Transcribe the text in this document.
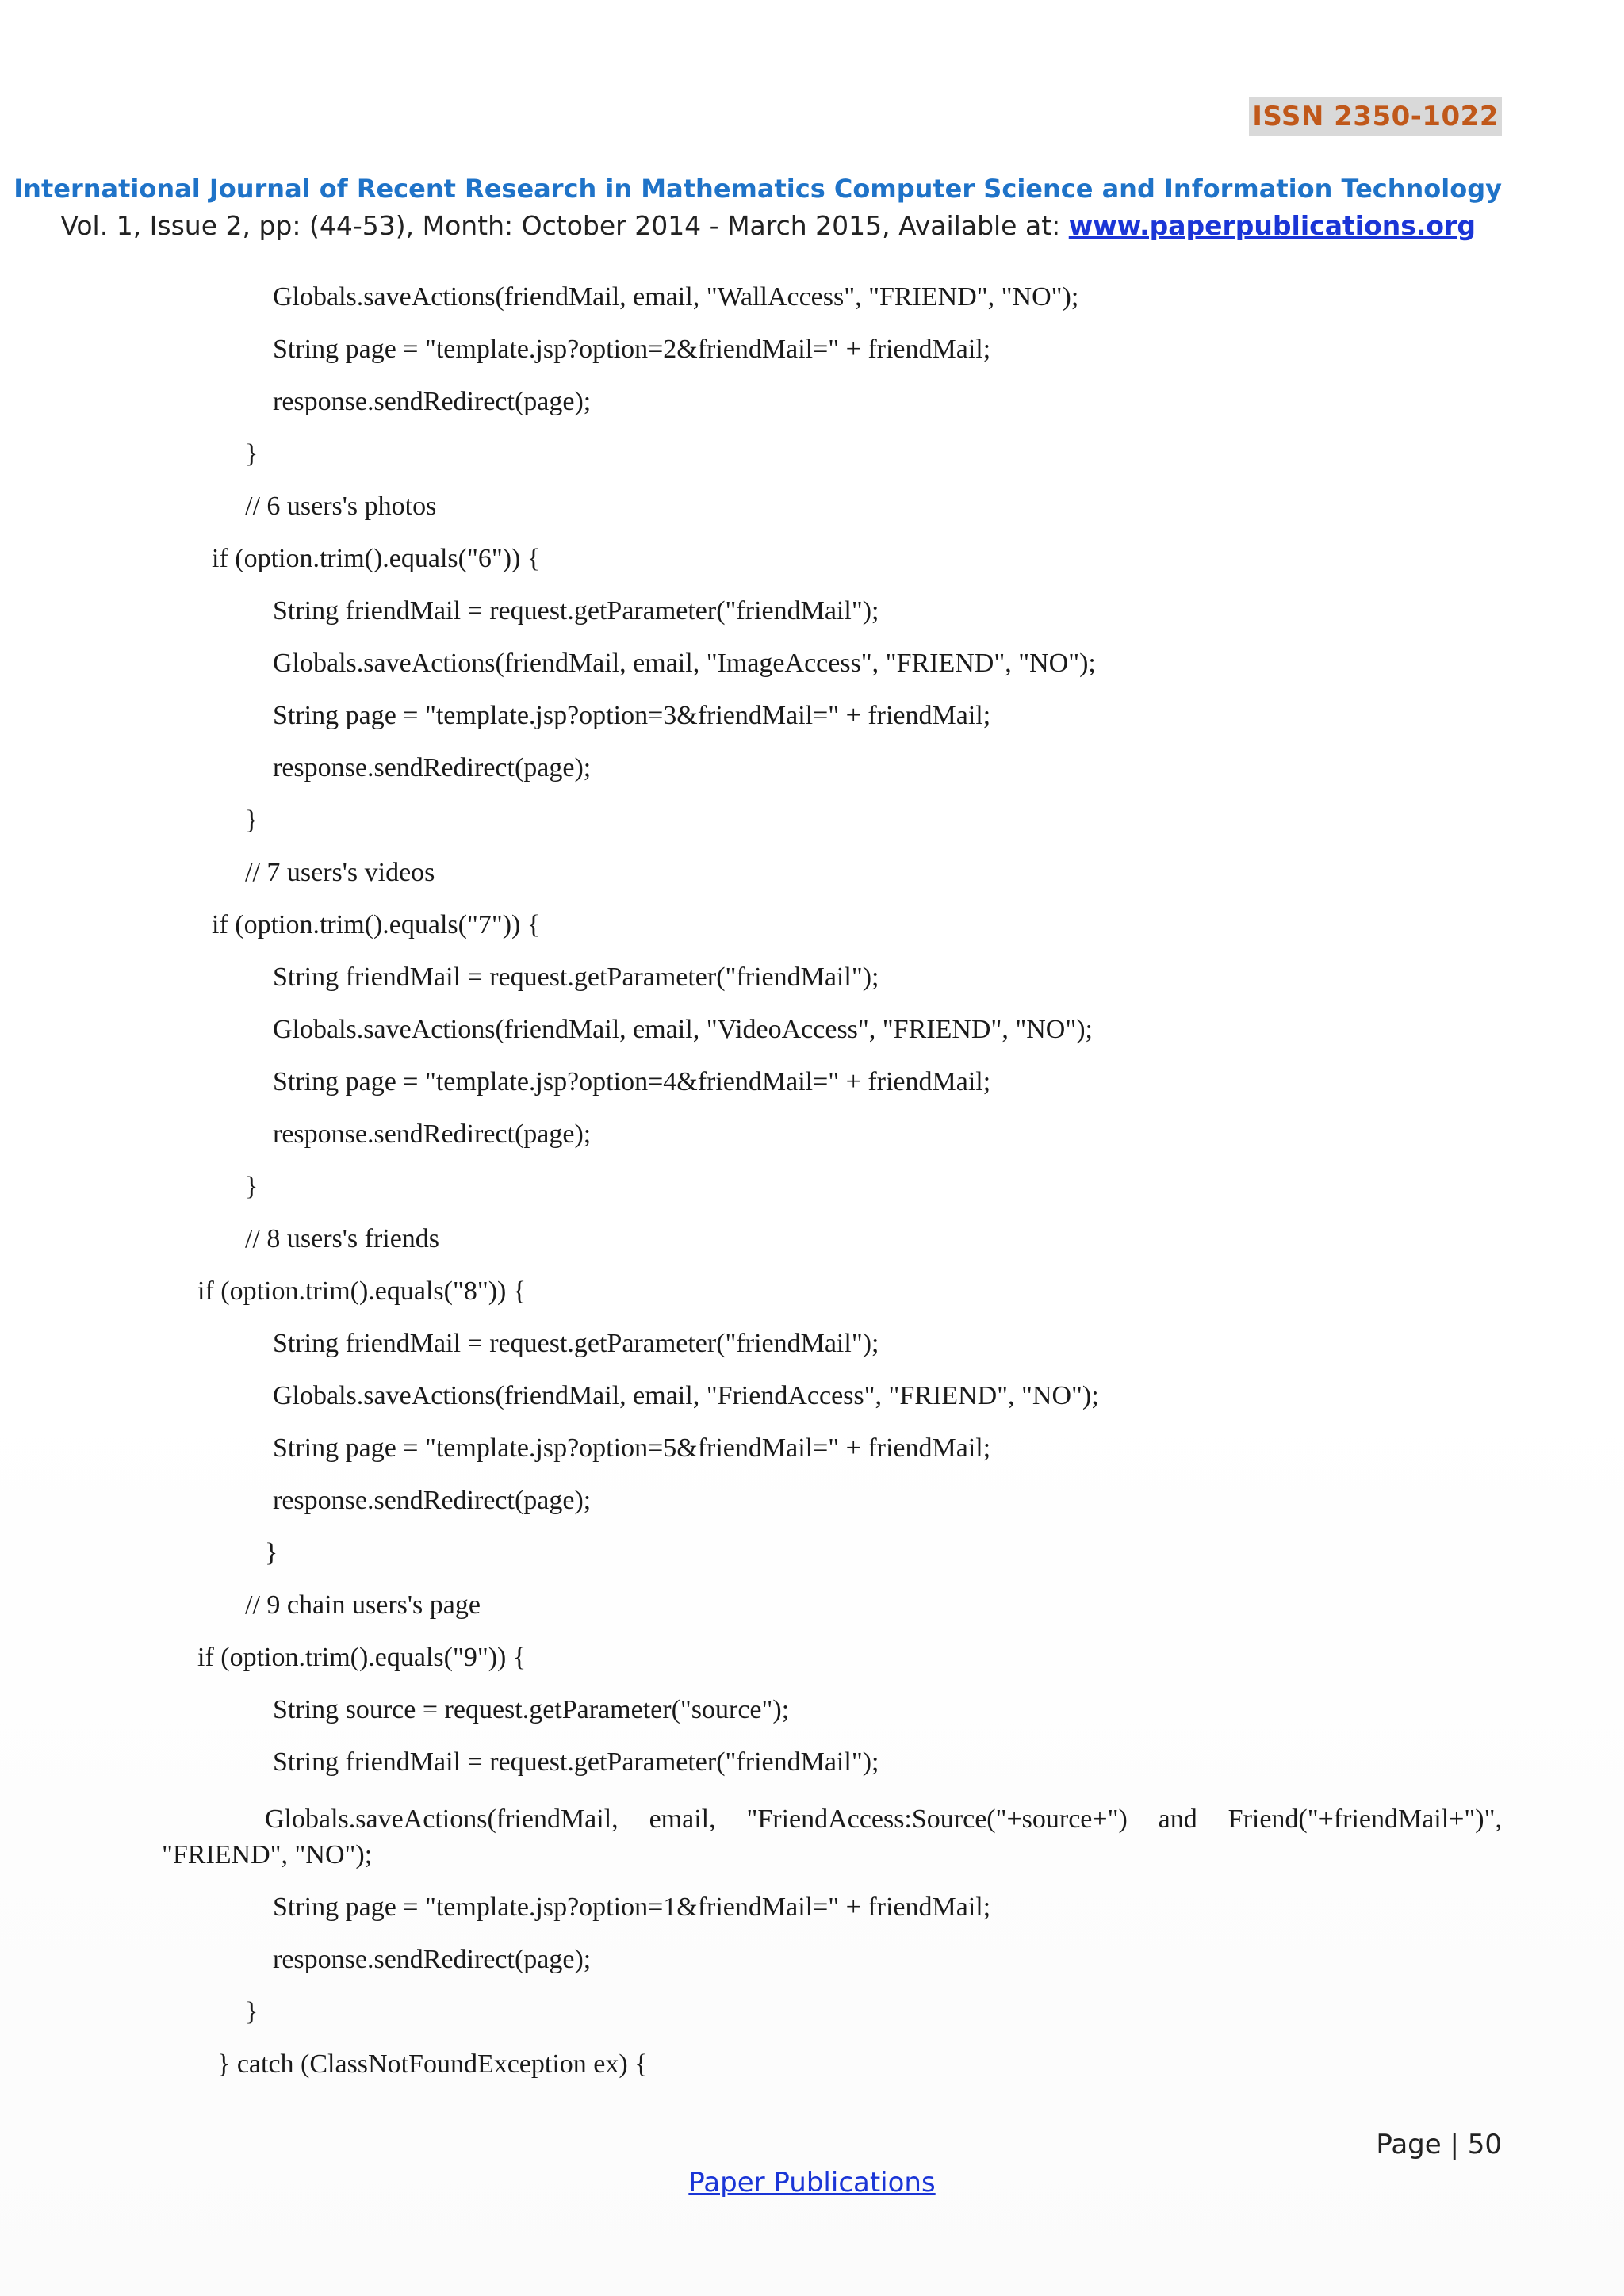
ISSN 2350-1022
International Journal of Recent Research in Mathematics Computer Science and Information Technology
Vol. 1, Issue 2, pp: (44-53), Month: October 2014 - March 2015, Available at: www.paperpublications.org
Globals.saveActions(friendMail, email, "WallAccess", "FRIEND", "NO");
String page = "template.jsp?option=2&friendMail=" + friendMail;
response.sendRedirect(page);
}
// 6 users's photos
if (option.trim().equals("6")) {
String friendMail = request.getParameter("friendMail");
Globals.saveActions(friendMail, email, "ImageAccess", "FRIEND", "NO");
String page = "template.jsp?option=3&friendMail=" + friendMail;
response.sendRedirect(page);
}
// 7 users's videos
if (option.trim().equals("7")) {
String friendMail = request.getParameter("friendMail");
Globals.saveActions(friendMail, email, "VideoAccess", "FRIEND", "NO");
String page = "template.jsp?option=4&friendMail=" + friendMail;
response.sendRedirect(page);
}
// 8 users's friends
if (option.trim().equals("8")) {
String friendMail = request.getParameter("friendMail");
Globals.saveActions(friendMail, email, "FriendAccess", "FRIEND", "NO");
String page = "template.jsp?option=5&friendMail=" + friendMail;
response.sendRedirect(page);
}
// 9 chain users's page
if (option.trim().equals("9")) {
String source = request.getParameter("source");
String friendMail = request.getParameter("friendMail");
Globals.saveActions(friendMail, email, "FriendAccess:Source("+source+") and Friend("+friendMail+")",
"FRIEND", "NO");
String page = "template.jsp?option=1&friendMail=" + friendMail;
response.sendRedirect(page);
}
} catch (ClassNotFoundException ex) {
Page | 50
Paper Publications
